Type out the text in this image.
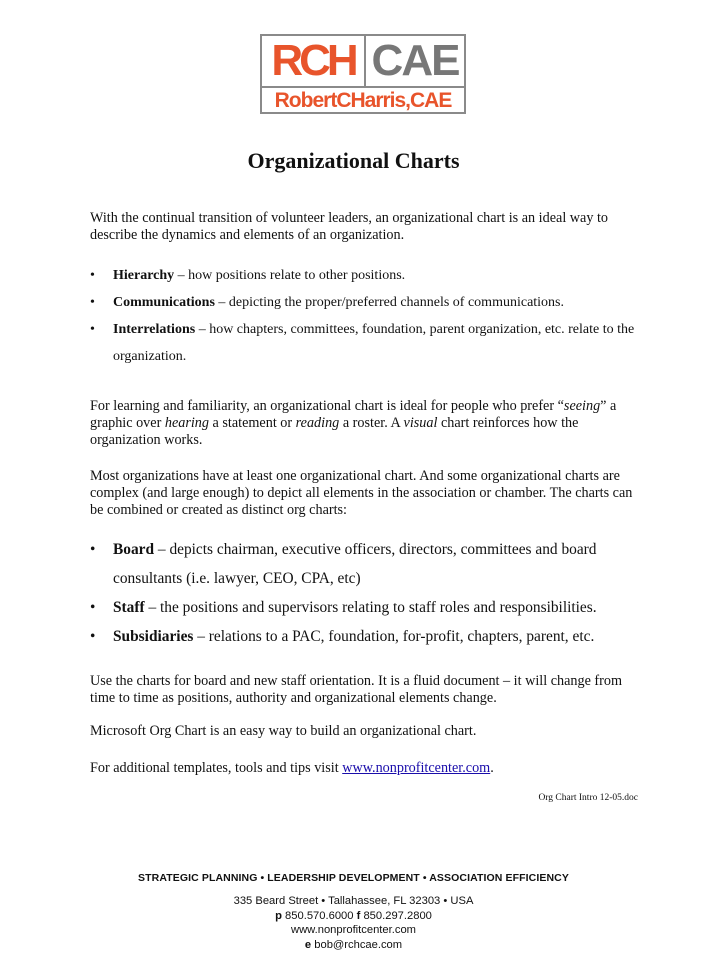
RCH CAE
Robert CHarris,CAE
Organizational Charts
With the continual transition of volunteer leaders, an organizational chart is an ideal way to describe the dynamics and elements of an organization.
• Hierarchy – how positions relate to other positions.
• Communications – depicting the proper/preferred channels of communications.
• Interrelations – how chapters, committees, foundation, parent organization, etc. relate to the organization.
For learning and familiarity, an organizational chart is ideal for people who prefer “seeing” a graphic over hearing a statement or reading a roster. A visual chart reinforces how the organization works.
Most organizations have at least one organizational chart. And some organizational charts are complex (and large enough) to depict all elements in the association or chamber. The charts can be combined or created as distinct org charts:
• Board – depicts chairman, executive officers, directors, committees and board consultants (i.e. lawyer, CEO, CPA, etc)
• Staff – the positions and supervisors relating to staff roles and responsibilities.
• Subsidiaries – relations to a PAC, foundation, for-profit, chapters, parent, etc.
Use the charts for board and new staff orientation. It is a fluid document – it will change from time to time as positions, authority and organizational elements change.
Microsoft Org Chart is an easy way to build an organizational chart.
For additional templates, tools and tips visit www.nonprofitcenter.com.
Org Chart Intro 12-05.doc
STRATEGIC PLANNING • LEADERSHIP DEVELOPMENT • ASSOCIATION EFFICIENCY
335 Beard Street • Tallahassee, FL 32303 • USA
p 850.570.6000 f 850.297.2800
www.nonprofitcenter.com
e bob@rchcae.com
